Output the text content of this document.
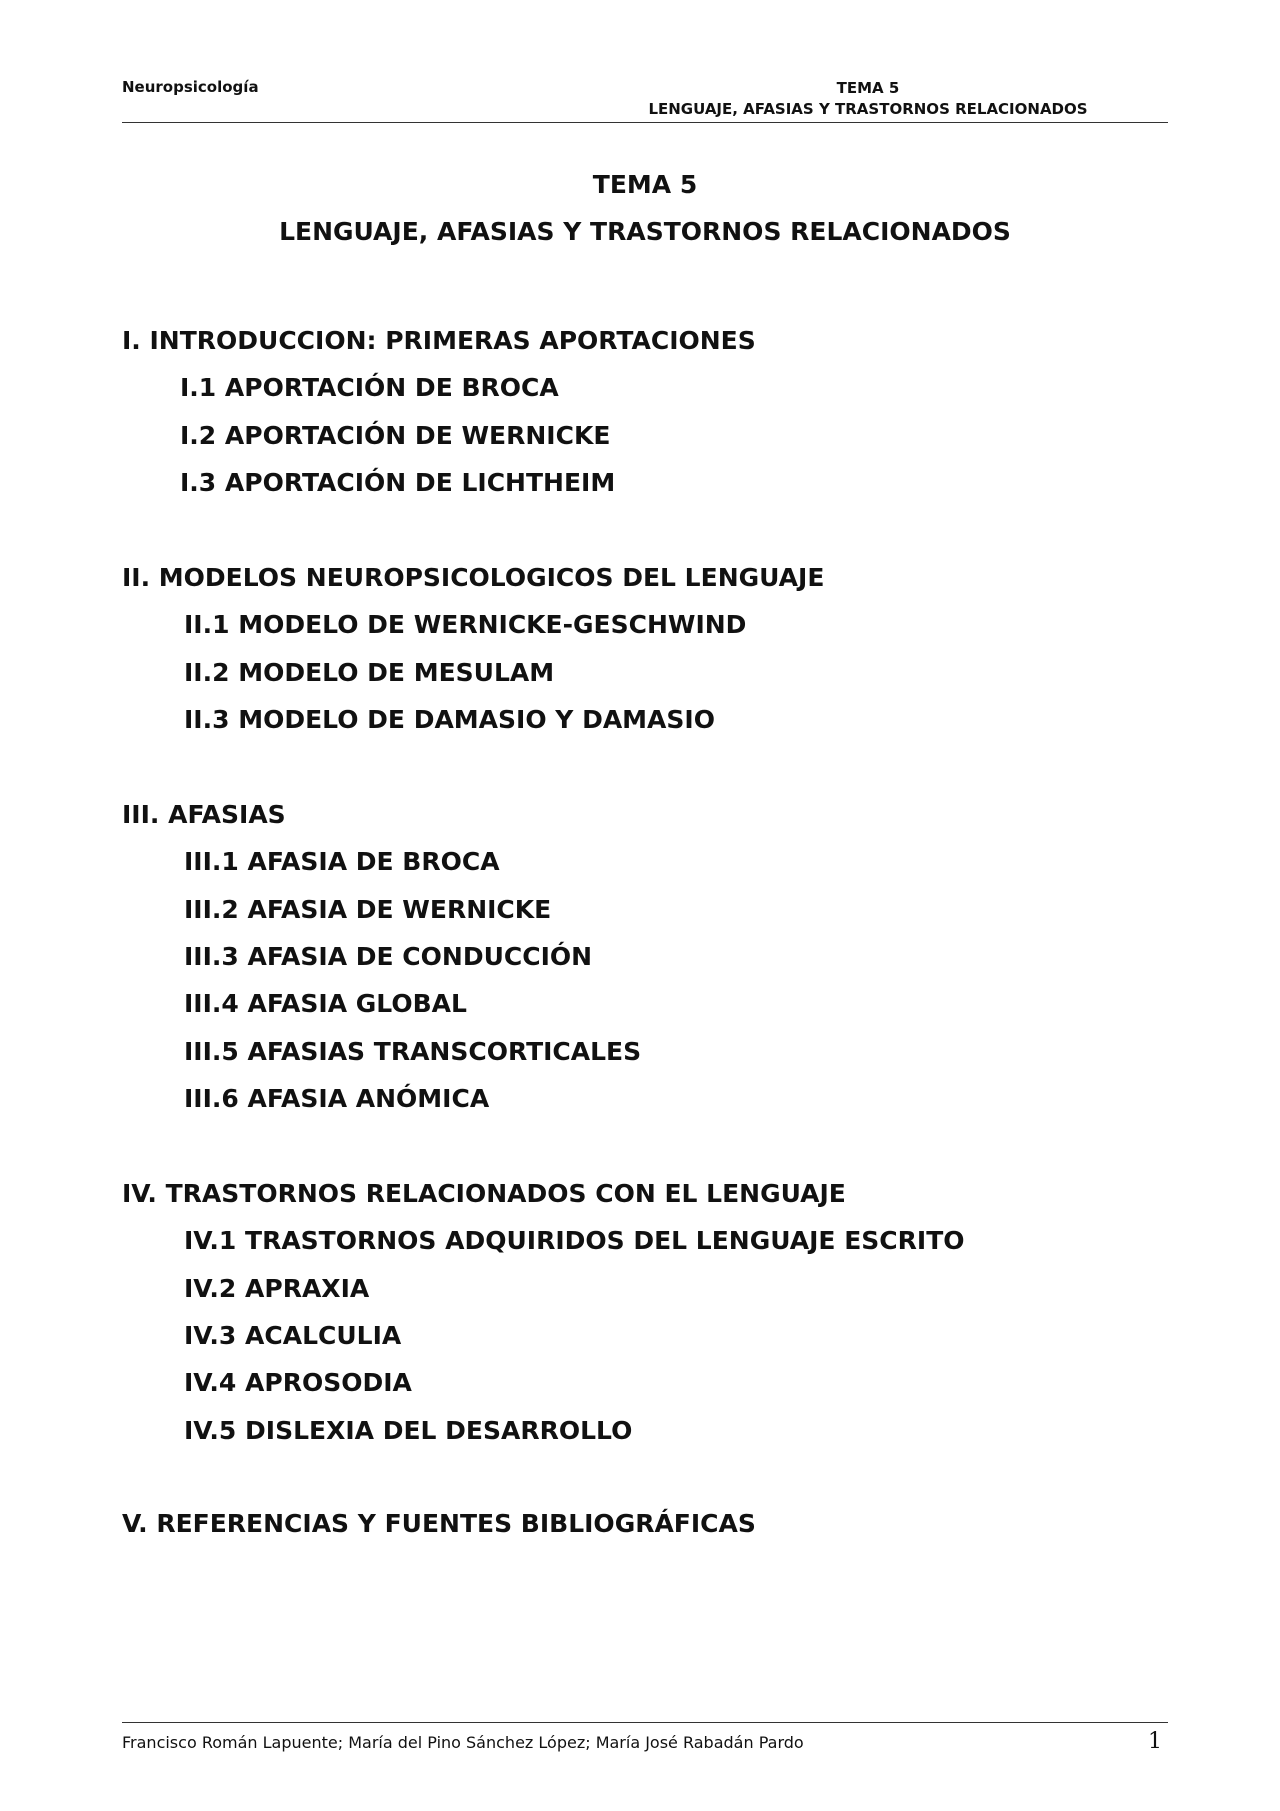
Neuropsicología	TEMA 5
LENGUAJE, AFASIAS Y TRASTORNOS RELACIONADOS
TEMA 5
LENGUAJE, AFASIAS Y TRASTORNOS RELACIONADOS
I. INTRODUCCION: PRIMERAS APORTACIONES
I.1 APORTACIÓN DE BROCA
I.2 APORTACIÓN DE WERNICKE
I.3 APORTACIÓN DE LICHTHEIM
II. MODELOS NEUROPSICOLOGICOS DEL LENGUAJE
II.1 MODELO DE WERNICKE-GESCHWIND
II.2 MODELO DE MESULAM
II.3 MODELO DE DAMASIO Y DAMASIO
III. AFASIAS
III.1 AFASIA DE BROCA
III.2 AFASIA DE WERNICKE
III.3 AFASIA DE CONDUCCIÓN
III.4 AFASIA GLOBAL
III.5 AFASIAS TRANSCORTICALES
III.6 AFASIA ANÓMICA
IV. TRASTORNOS RELACIONADOS CON EL LENGUAJE
IV.1 TRASTORNOS ADQUIRIDOS DEL LENGUAJE ESCRITO
IV.2 APRAXIA
IV.3 ACALCULIA
IV.4 APROSODIA
IV.5 DISLEXIA DEL DESARROLLO
V. REFERENCIAS Y FUENTES BIBLIOGRÁFICAS
Francisco Román Lapuente; María del Pino Sánchez López; María José Rabadán Pardo	1
